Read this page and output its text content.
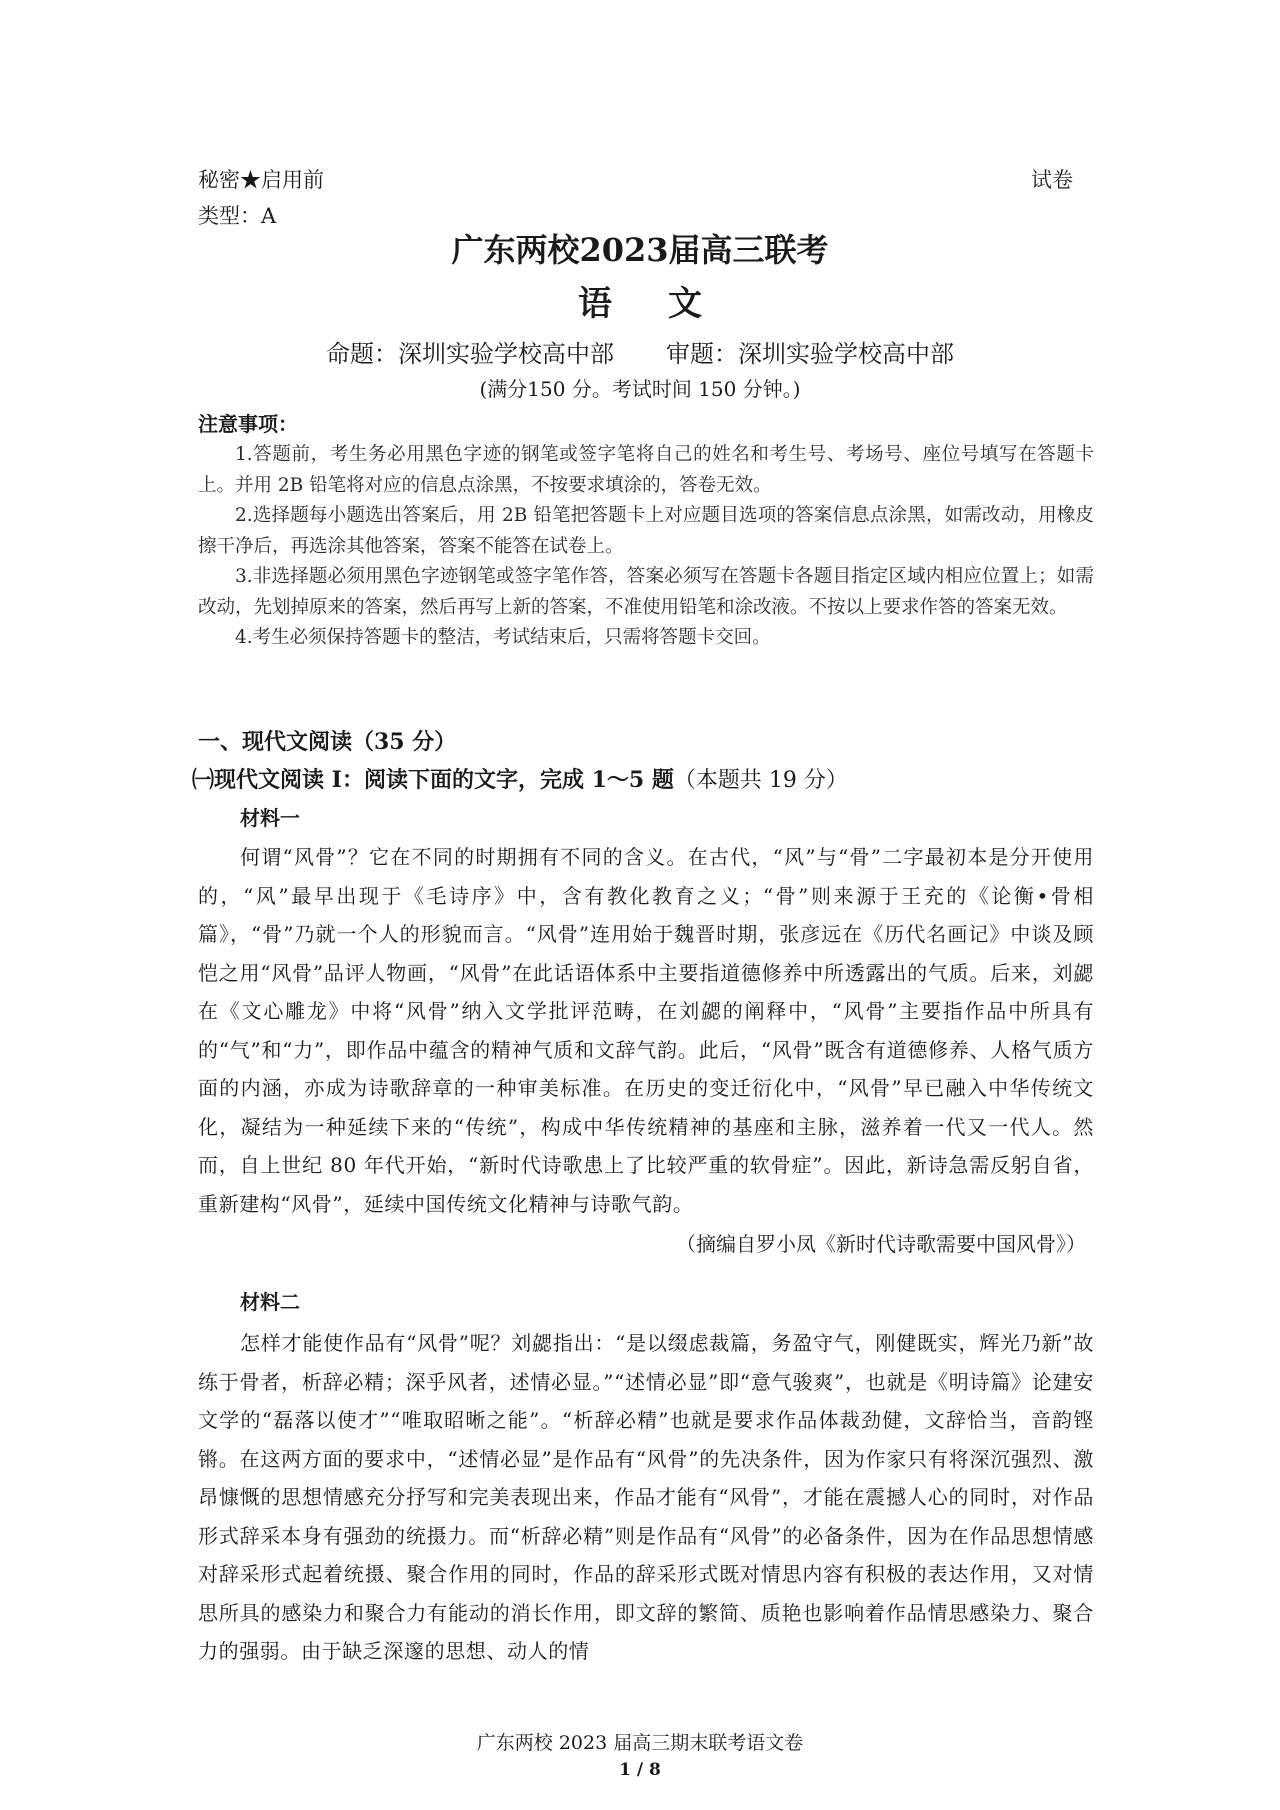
秘密★启用前
类型：A
试卷
广东两校2023届高三联考
语文
命题：深圳实验学校高中部 审题：深圳实验学校高中部
(满分150 分。考试时间 150 分钟。)
注意事项：

1.答题前，考生务必用黑色字迹的钢笔或签字笔将自己的姓名和考生号、考场号、座位号填写在答题卡上。并用 2B 铅笔将对应的信息点涂黑，不按要求填涂的，答卷无效。

2.选择题每小题选出答案后，用 2B 铅笔把答题卡上对应题目选项的答案信息点涂黑，如需改动，用橡皮擦干净后，再选涂其他答案，答案不能答在试卷上。

3.非选择题必须用黑色字迹钢笔或签字笔作答，答案必须写在答题卡各题目指定区域内相应位置上；如需改动，先划掉原来的答案，然后再写上新的答案，不准使用铅笔和涂改液。不按以上要求作答的答案无效。

4.考生必须保持答题卡的整洁，考试结束后，只需将答题卡交回。

一、现代文阅读（35 分）
㈠现代文阅读 I：阅读下面的文字，完成 1～5 题（本题共 19 分）
材料一

何谓“风骨”？它在不同的时期拥有不同的含义。在古代，“风”与“骨”二字最初本是分开使用的，“风”最早出现于《毛诗序》中，含有教化教育之义；“骨”则来源于王充的《论衡•骨相篇》，“骨”乃就一个人的形貌而言。“风骨”连用始于魏晋时期，张彦远在《历代名画记》中谈及顾恺之用“风骨”品评人物画，“风骨”在此话语体系中主要指道德修养中所透露出的气质。后来，刘勰在《文心雕龙》中将“风骨”纳入文学批评范畴，在刘勰的阐释中，“风骨”主要指作品中所具有的“气”和“力”，即作品中蕴含的精神气质和文辞气韵。此后，“风骨”既含有道德修养、人格气质方面的内涵，亦成为诗歌辞章的一种审美标准。在历史的变迁衍化中，“风骨”早已融入中华传统文化，凝结为一种延续下来的“传统”，构成中华传统精神的基座和主脉，滋养着一代又一代人。然而，自上世纪 80 年代开始，“新时代诗歌患上了比较严重的软骨症”。因此，新诗急需反躬自省，重新建构“风骨”，延续中国传统文化精神与诗歌气韵。

（摘编自罗小凤《新时代诗歌需要中国风骨》）
材料二

怎样才能使作品有“风骨”呢？刘勰指出：“是以缀虑裁篇，务盈守气，刚健既实，辉光乃新”故练于骨者，析辞必精；深乎风者，述情必显。”“述情必显”即“意气骏爽”，也就是《明诗篇》论建安文学的“磊落以使才”“唯取昭晰之能”。“析辞必精”也就是要求作品体裁劲健，文辞恰当，音韵铿锵。在这两方面的要求中，“述情必显”是作品有“风骨”的先决条件，因为作家只有将深沉强烈、激昂慷慨的思想情感充分抒写和完美表现出来，作品才能有“风骨”，才能在震撼人心的同时，对作品形式辞采本身有强劲的统摄力。而“析辞必精”则是作品有“风骨”的必备条件，因为在作品思想情感对辞采形式起着统摄、聚合作用的同时，作品的辞采形式既对情思内容有积极的表达作用，又对情思所具的感染力和聚合力有能动的消长作用，即文辞的繁简、质艳也影响着作品情思感染力、聚合力的强弱。由于缺乏深邃的思想、动人的情

广东两校 2023 届高三期末联考语文卷
1 / 8
